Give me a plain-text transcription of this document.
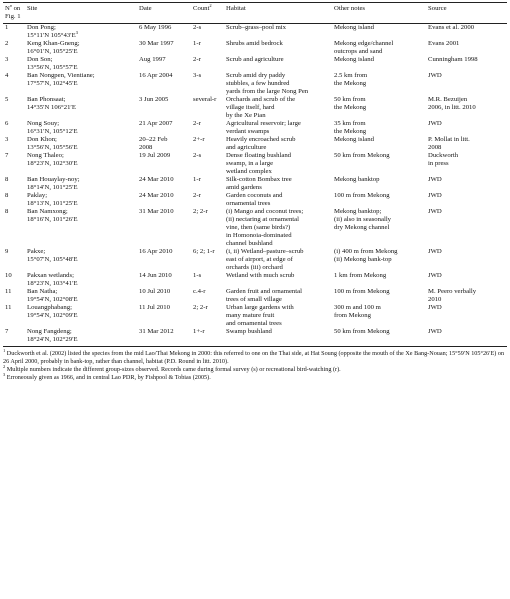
Nº on
Fig. 1	Site	Date	Count$^2$	Habitat	Other notes	Source
1	Don Pong;
15°11′N $105^\circ 43'E^3$	6 May 1996	2-s	Scrub–grass–pool mix	Mekong island	Evans et al. 2000
2	Keng Khan-Gneng;
16°01′N, 105°25′E	30 Mar 1997	1-r	Shrubs amid bedrock	Mekong edge/channel
outcrops and sand	Evans 2001
3	Don Son;
13°56′N, 105°57′E	Aug 1997	2-r	Scrub and agriculture	Mekong island	Cunningham 1998
4	Ban Nongpen, Vientiane;
17°57′N, 102°45′E	16 Apr 2004	3-s	Scrub amid dry paddy
stubbles, a few hundred
yards from the large Nong Pen	2.5 km from
the Mekong	JWD
5	Ban Phonsaat;
14°35′N 106°21′E	3 Jun 2005	several-r	Orchards and scrub of the
village itself, hard
by the Xe Pian	50 km from
the Mekong	M.R. Bezuijen
2006, in litt. 2010
6	Nong Souy;
16°31′N, 105°12′E	21 Apr 2007	2-r	Agricultural reservoir; large
verdant swamps	35 km from
the Mekong	JWD
3	Don Khon;
13°56′N, 105°56′E	20–22 Feb
2008	2+-r	Heavily encroached scrub
and agriculture	Mekong island	P. Mollat in litt.
2008
7	Nong Thaleo;
18°23′N, 102°30′E	19 Jul 2009	2-s	Dense floating bushland
swamp, in a large
wetland complex	50 km from Mekong	Duckworth
in press
8	Ban Houaylay-noy;
18°14′N, 101°25′E	24 Mar 2010	1-r	Silk-cotton Bombax tree
amid gardens	Mekong banktop	JWD
8	Paklay;
18°13′N, 101°25′E	24 Mar 2010	2-r	Garden coconuts and
ornamental trees	100 m from Mekong	JWD
8	Ban Namxong;
18°16′N, 101°26′E	31 Mar 2010	2; 2-r	(i) Mango and coconut trees;
(ii) nectaring at ornamental
vine, then (same birds?)
in Homonoia-dominated
channel bushland	Mekong banktop;
(ii) also in seasonally
dry Mekong channel	JWD
9	Pakxe;
15°07′N, 105°48′E	16 Apr 2010	6; 2; 1-r	(i, ii) Wetland–pasture–scrub
east of airport, at edge of
orchards (iii) orchard	(i) 400 m from Mekong
(ii) Mekong bank-top	JWD
10	Pakxan wetlands;
18°23′N, 103°41′E	14 Jun 2010	1-s	Wetland with much scrub	1 km from Mekong	JWD
11	Ban Natha;
19°54′N, 102°08′E	10 Jul 2010	c.4-r	Garden fruit and ornamental
trees of small village	100 m from Mekong	M. Peero verbally
2010
11	Louangphabang;
19°54′N, 102°09′E	11 Jul 2010	2; 2-r	Urban large gardens with
many mature fruit
and ornamental trees	300 m and 100 m
from Mekong	JWD
7	Nong Fangdeng;
18°24′N, 102°29′E	31 Mar 2012	1+-r	Swamp bushland	50 km from Mekong	JWD

$^1$ Duckworth et al. (2002) listed the species from the mid Lao/Thai Mekong in 2000: this referred to one on the Thai side, at Hat Soung (opposite the mouth of the Xe Bang-Nouan; 15°59′N 105°26′E) on 26 April 2000, probably in bank-top, rather than channel, habitat (P.D. Round in litt. 2010).

$^2$ Multiple numbers indicate the different group-sizes observed. Records came during formal survey (s) or recreational bird-watching (r).

$^3$ Erroneously given as 1966, and in central Lao PDR, by Fishpool & Tobias (2005).
